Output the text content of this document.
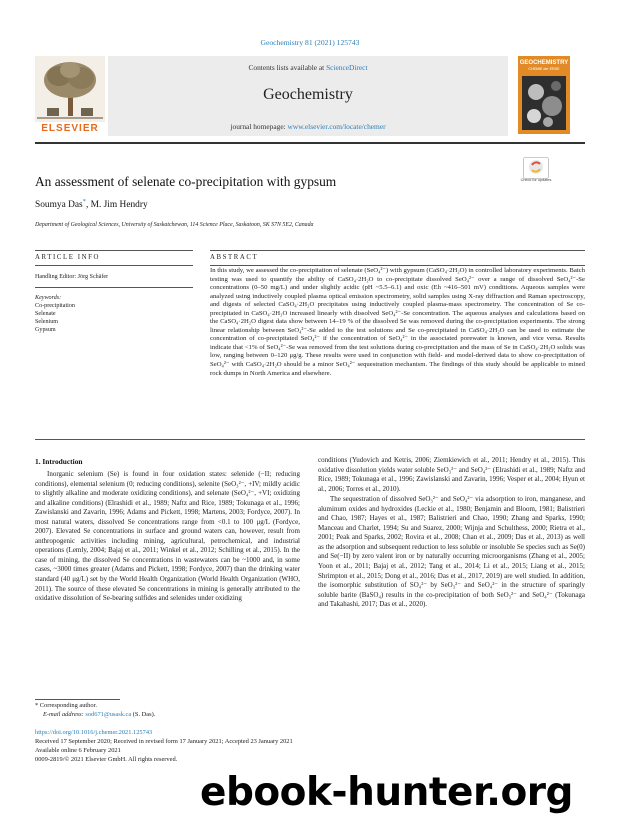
Geochemistry 81 (2021) 125743
ELSEVIER
Contents lists available at ScienceDirect
Geochemistry
journal homepage: www.elsevier.com/locate/chemer
GEOCHEMISTRY
CHEMIE der ERDE
An assessment of selenate co-precipitation with gypsum	Check for updates
Soumya Das*, M. Jim Hendry
Department of Geological Sciences, University of Saskatchewan, 114 Science Place, Saskatoon, SK S7N 5E2, Canada
ARTICLE INFO	ABSTRACT
Handling Editor: Jörg Schäfer
Keywords:
Co-precipitation
Selenate
Selenium
Gypsum
In this study, we assessed the co-precipitation of selenate (SeO₄²⁻) with gypsum (CaSO₄·2H₂O) in controlled laboratory experiments. Batch testing was used to quantify the ability of CaSO₄·2H₂O to co-precipitate dissolved SeO₄²⁻ over a range of dissolved SeO₄²⁻-Se concentrations (0–50 mg/L) and under slightly acidic (pH ~5.5–6.1) and oxic (Eh ~416–501 mV) conditions. Aqueous samples were analyzed using inductively coupled plasma optical emission spectrometry, solid samples using X-ray diffraction and Raman spectroscopy, and digests of selected CaSO₄·2H₂O precipitates using inductively coupled plasma-mass spectrometry. The concentration of Se co-precipitated in CaSO₄·2H₂O increased linearly with dissolved SeO₄²⁻-Se concentration. The aqueous analyses and calculations based on the CaSO₄·2H₂O digest data show between 14–19 % of the dissolved Se was removed during the co-precipitation experiments. The strong linear relationship between SeO₄²⁻-Se added to the test solutions and Se co-precipitated in CaSO₄·2H₂O can be used to estimate the concentration of co-precipitated SeO₄²⁻ if the concentration of SeO₄²⁻ in the associated porewater is known, and vice versa. Results indicate that <1% of SeO₄²⁻-Se was removed from the test solutions during co-precipitation and the mass of Se in CaSO₄·2H₂O solids was low, ranging between 0–120 μg/g. These results were used in conjunction with field- and model-derived data to show co-precipitation of SeO₄²⁻ with CaSO₄·2H₂O should be a minor SeO₄²⁻ sequestration mechanism. The findings of this study should be applicable to mined rock dumps in North America and elsewhere.
1. Introduction

Inorganic selenium (Se) is found in four oxidation states: selenide (−II; reducing conditions), elemental selenium (0; reducing conditions), selenite (SeO₃²⁻, +IV; mildly acidic to slightly alkaline and moderate oxidizing conditions), and selenate (SeO₄²⁻, +VI; oxidizing and alkaline conditions) (Elrashidi et al., 1989; Naftz and Rice, 1989; Tokunaga et al., 1996; Zawislanski and Zavarin, 1996; Adams and Pickett, 1998; Martens, 2003; Fordyce, 2007). In most natural waters, dissolved Se concentrations range from <0.1 to 100 μg/L (Fordyce, 2007). Elevated Se concentrations in surface and ground waters can, however, result from anthropogenic activities including mining, agricultural, petrochemical, and industrial operations (Lemly, 2004; Bajaj et al., 2011; Winkel et al., 2012; Schilling et al., 2015). In the case of mining, the dissolved Se concentrations in wastewaters can be ~1000 and, in some cases, ~3000 times greater (Adams and Pickett, 1998; Fordyce, 2007) than the drinking water standard (40 μg/L) set by the World Health Organization (World Health Organization (WHO, 2011). The source of these elevated Se concentrations in mining is generally attributed to the oxidative dissolution of Se-bearing sulfides and selenides under oxidizing

conditions (Yudovich and Ketris, 2006; Ziemkiewich et al., 2011; Hendry et al., 2015). This oxidative dissolution yields water soluble SeO₃²⁻ and SeO₄²⁻ (Elrashidi et al., 1989; Naftz and Rice, 1989; Tokunaga et al., 1996; Zawislanski and Zavarin, 1996; Vesper et al., 2004; Hyun et al., 2006; Torres et al., 2010).

The sequestration of dissolved SeO₃²⁻ and SeO₄²⁻ via adsorption to iron, manganese, and aluminum oxides and hydroxides (Leckie et al., 1980; Benjamin and Bloom, 1981; Balistrieri and Chao, 1987; Hayes et al., 1987; Balistrieri and Chao, 1990; Zhang and Sparks, 1990; Manceau and Charlet, 1994; Su and Suarez, 2000; Wijnja and Schulthess, 2000; Rietra et al., 2001; Peak and Sparks, 2002; Rovira et al., 2008; Chan et al., 2009; Das et al., 2013) as well as the adsorption and subsequent reduction to less soluble or insoluble Se species such as Se(0) and Se(−II) by zero valent iron or by naturally occurring microorganisms (Zhang et al., 2005; Yoon et al., 2011; Bajaj et al., 2012; Tang et al., 2014; Li et al., 2015; Liang et al., 2015; Shrimpton et al., 2015; Dong et al., 2016; Das et al., 2017, 2019) are well studied. In addition, the isomorphic substitution of SO₄²⁻ by SeO₃²⁻ and SeO₄²⁻ in the structure of sparingly soluble barite (BaSO₄) results in the co-precipitation of both SeO₃²⁻ and SeO₄²⁻ (Tokunaga and Takahashi, 2017; Das et al., 2020).

* Corresponding author.
E-mail address: sod671@usask.ca (S. Das).
https://doi.org/10.1016/j.chemer.2021.125743
Received 17 September 2020; Received in revised form 17 January 2021; Accepted 23 January 2021
Available online 6 February 2021
0009-2819/© 2021 Elsevier GmbH. All rights reserved.
ebook-hunter.org
